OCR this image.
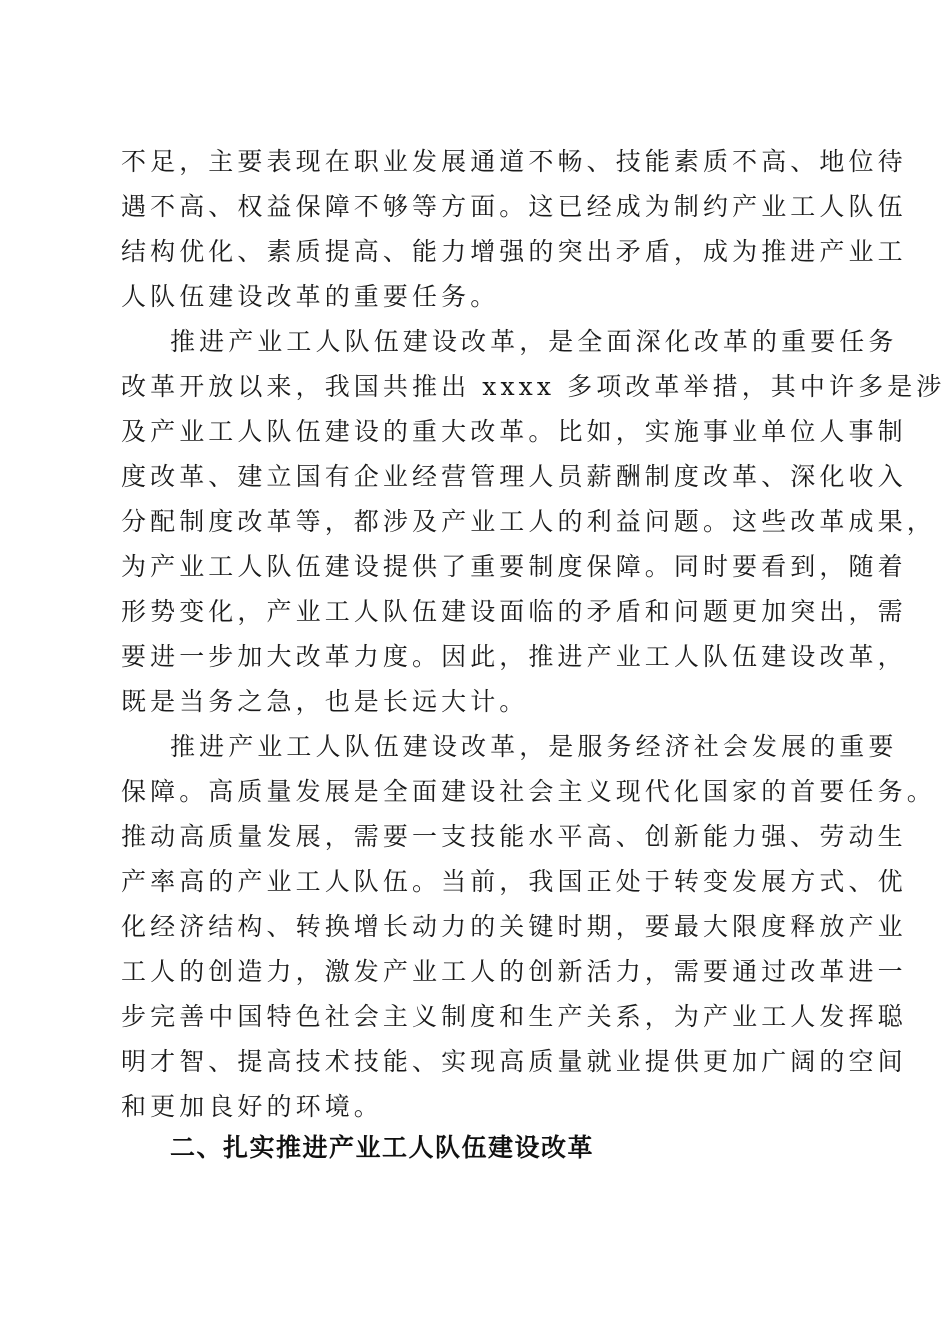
不足，主要表现在职业发展通道不畅、技能素质不高、地位待

遇不高、权益保障不够等方面。这已经成为制约产业工人队伍

结构优化、素质提高、能力增强的突出矛盾，成为推进产业工

人队伍建设改革的重要任务。

推进产业工人队伍建设改革，是全面深化改革的重要任务

改革开放以来，我国共推出 xxxx 多项改革举措，其中许多是涉

及产业工人队伍建设的重大改革。比如，实施事业单位人事制

度改革、建立国有企业经营管理人员薪酬制度改革、深化收入

分配制度改革等，都涉及产业工人的利益问题。这些改革成果，

为产业工人队伍建设提供了重要制度保障。同时要看到，随着

形势变化，产业工人队伍建设面临的矛盾和问题更加突出，需

要进一步加大改革力度。因此，推进产业工人队伍建设改革，

既是当务之急，也是长远大计。

推进产业工人队伍建设改革，是服务经济社会发展的重要

保障。高质量发展是全面建设社会主义现代化国家的首要任务。

推动高质量发展，需要一支技能水平高、创新能力强、劳动生

产率高的产业工人队伍。当前，我国正处于转变发展方式、优

化经济结构、转换增长动力的关键时期，要最大限度释放产业

工人的创造力，激发产业工人的创新活力，需要通过改革进一

步完善中国特色社会主义制度和生产关系，为产业工人发挥聪

明才智、提高技术技能、实现高质量就业提供更加广阔的空间

和更加良好的环境。

二、扎实推进产业工人队伍建设改革
